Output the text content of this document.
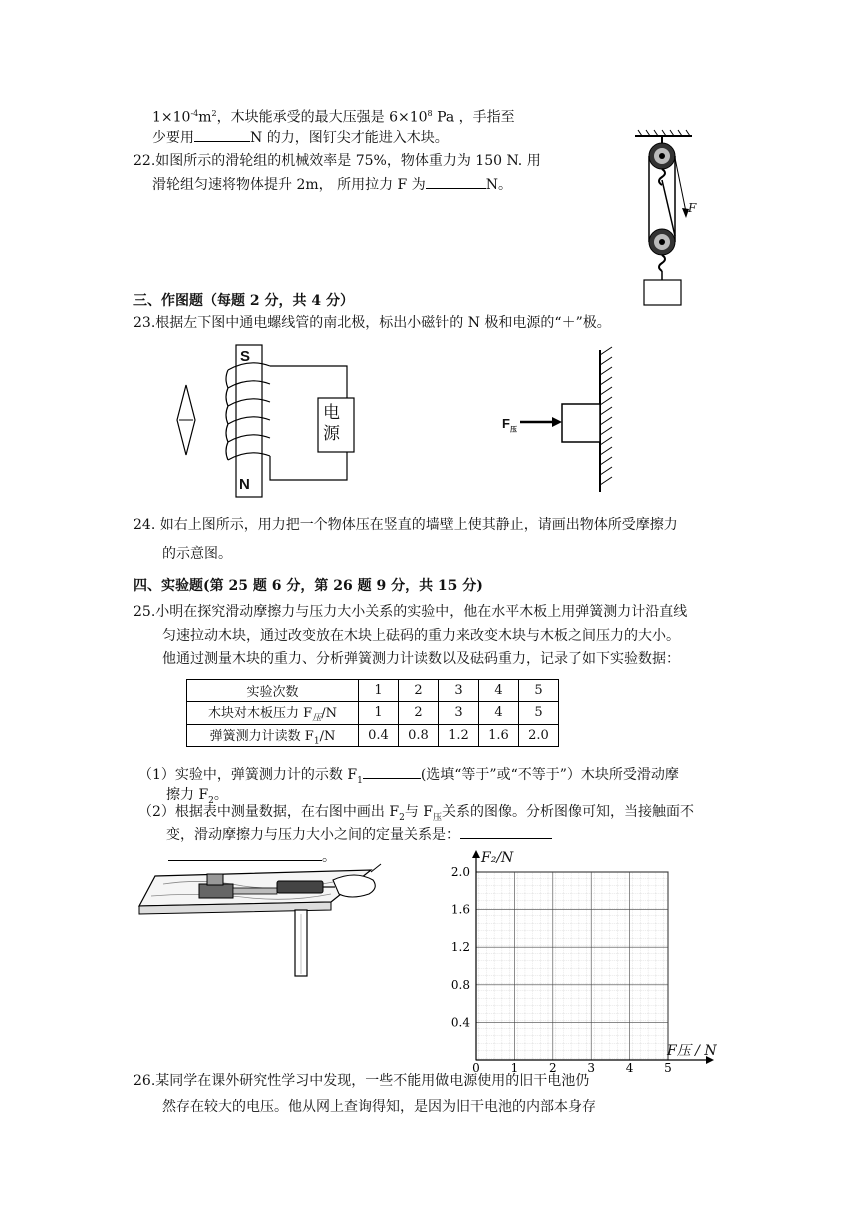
$1\times 10^{-4}m^2$，木块能承受的最大压强是 $6\times 10^8$ Pa ，手指至
少要用	N 的力，图钉尖才能进入木块。
22.如图所示的滑轮组的机械效率是 75%，物体重力为 150 N. 用
滑轮组匀速将物体提升 2m， 所用拉力 F 为	N。
F
三、作图题（每题 2 分，共 4 分）
23.根据左下图中通电螺线管的南北极，标出小磁针的 N 极和电源的“＋”极。
S
N
电
源
$F_压$
24. 如右上图所示，用力把一个物体压在竖直的墙壁上使其静止，请画出物体所受摩擦力
的示意图。
四、实验题(第 25 题 6 分，第 26 题 9 分，共 15 分)
25.小明在探究滑动摩擦力与压力大小关系的实验中，他在水平木板上用弹簧测力计沿直线
匀速拉动木块，通过改变放在木块上砝码的重力来改变木块与木板之间压力的大小。
他通过测量木块的重力、分析弹簧测力计读数以及砝码重力，记录了如下实验数据：
实验次数	1	2	3	4	5
木块对木板压力 $F_压/N$	1	2	3	4	5
弹簧测力计读数 $F_1/N$	0.4	0.8	1.2	1.6	2.0
（1）实验中，弹簧测力计的示数 $F_1$	(选填“等于”或“不等于”）木块所受滑动摩
擦力 $F_2$。
（2）根据表中测量数据，在右图中画出 $F_2$与 $F_压$关系的图像。分析图像可知，当接触面不
变，滑动摩擦力与压力大小之间的定量关系是：
。
0.4
0.8
1.2
1.6
2.0
0	1	2	3	4	5
F₂/N
F压 / N
26.某同学在课外研究性学习中发现，一些不能用做电源使用的旧干电池仍
然存在较大的电压。他从网上查询得知，是因为旧干电池的内部本身存
